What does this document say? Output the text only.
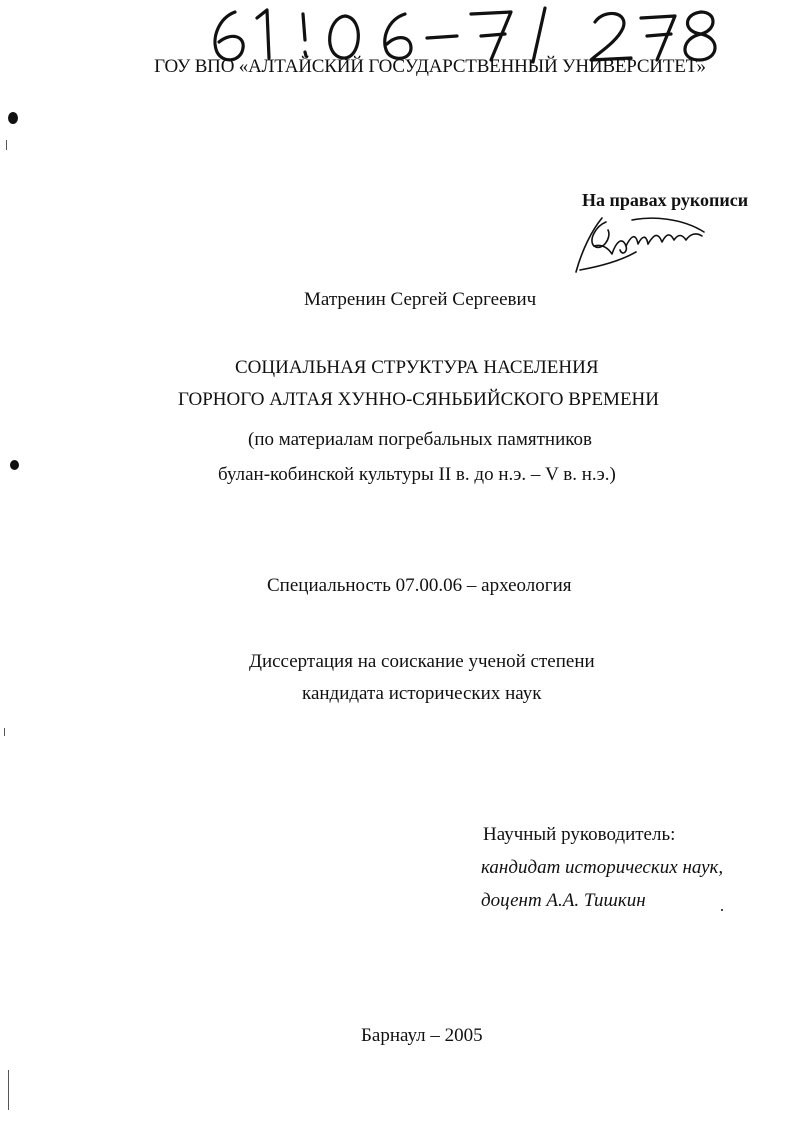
ГОУ ВПО «АЛТАЙСКИЙ ГОСУДАРСТВЕННЫЙ УНИВЕРСИТЕТ»
На правах рукописи
Матренин Сергей Сергеевич
СОЦИАЛЬНАЯ СТРУКТУРА НАСЕЛЕНИЯ
ГОРНОГО АЛТАЯ ХУННО-СЯНЬБИЙСКОГО ВРЕМЕНИ
(по материалам погребальных памятников
булан-кобинской культуры II в. до н.э. – V в. н.э.)
Специальность 07.00.06 – археология
Диссертация на соискание ученой степени
кандидата исторических наук
Научный руководитель:
кандидат исторических наук,
доцент А.А. Тишкин
Барнаул – 2005
